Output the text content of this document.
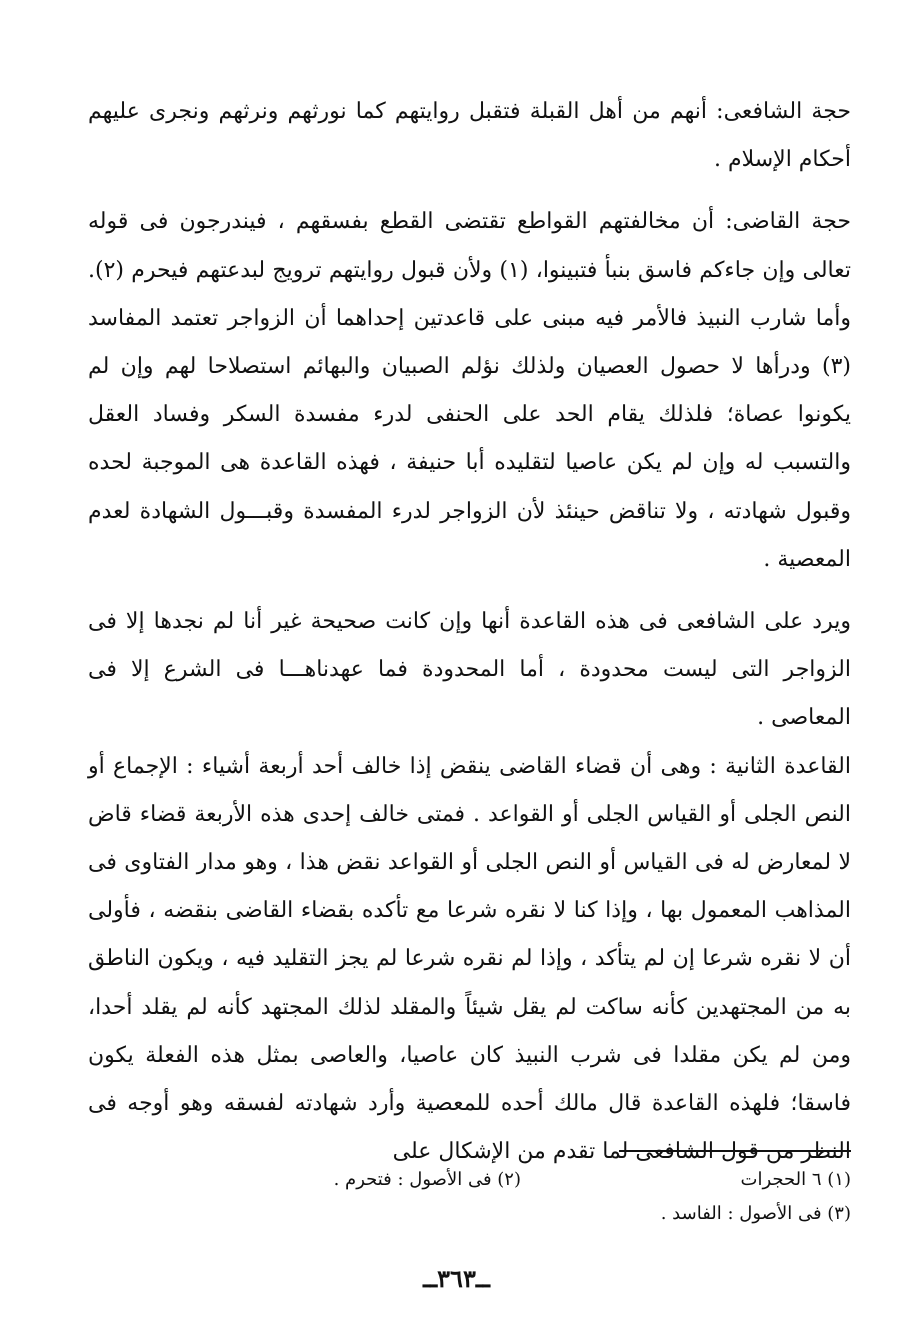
حجة الشافعى: أنهم من أهل القبلة فتقبل روايتهم كما نورثهم ونرثهم ونجرى عليهم أحكام الإسلام .

حجة القاضى: أن مخالفتهم القواطع تقتضى القطع بفسقهم ، فيندرجون فى قوله تعالى وإن جاءكم فاسق بنبأ فتبينوا، (١) ولأن قبول روايتهم ترويج لبدعتهم فيحرم (٢). وأما شارب النبيذ فالأمر فيه مبنى على قاعدتين إحداهما أن الزواجر تعتمد المفاسد (٣) ودرأها لا حصول العصيان ولذلك نؤلم الصبيان والبهائم استصلاحا لهم وإن لم يكونوا عصاة؛ فلذلك يقام الحد على الحنفى لدرء مفسدة السكر وفساد العقل والتسبب له وإن لم يكن عاصيا لتقليده أبا حنيفة ، فهذه القاعدة هى الموجبة لحده وقبول شهادته ، ولا تناقض حينئذ لأن الزواجر لدرء المفسدة وقبـــول الشهادة لعدم المعصية .

ويرد على الشافعى فى هذه القاعدة أنها وإن كانت صحيحة غير أنا لم نجدها إلا فى الزواجر التى ليست محدودة ، أما المحدودة فما عهدناهـــا فى الشرع إلا فى المعاصى .

القاعدة الثانية : وهى أن قضاء القاضى ينقض إذا خالف أحد أربعة أشياء : الإجماع أو النص الجلى أو القياس الجلى أو القواعد . فمتى خالف إحدى هذه الأربعة قضاء قاض لا لمعارض له فى القياس أو النص الجلى أو القواعد نقض هذا ، وهو مدار الفتاوى فى المذاهب المعمول بها ، وإذا كنا لا نقره شرعا مع تأكده بقضاء القاضى بنقضه ، فأولى أن لا نقره شرعا إن لم يتأكد ، وإذا لم نقره شرعا لم يجز التقليد فيه ، ويكون الناطق به من المجتهدين كأنه ساكت لم يقل شيئاً والمقلد لذلك المجتهد كأنه لم يقلد أحدا، ومن لم يكن مقلدا فى شرب النبيذ كان عاصيا، والعاصى بمثل هذه الفعلة يكون فاسقا؛ فلهذه القاعدة قال مالك أحده للمعصية وأرد شهادته لفسقه وهو أوجه فى النظر من قول الشافعى لما تقدم من الإشكال على

(١) ٦ الحجرات
(٢) فى الأصول : فتحرم .
(٣) فى الأصول : الفاسد .
ــ٣٦٣ــ
